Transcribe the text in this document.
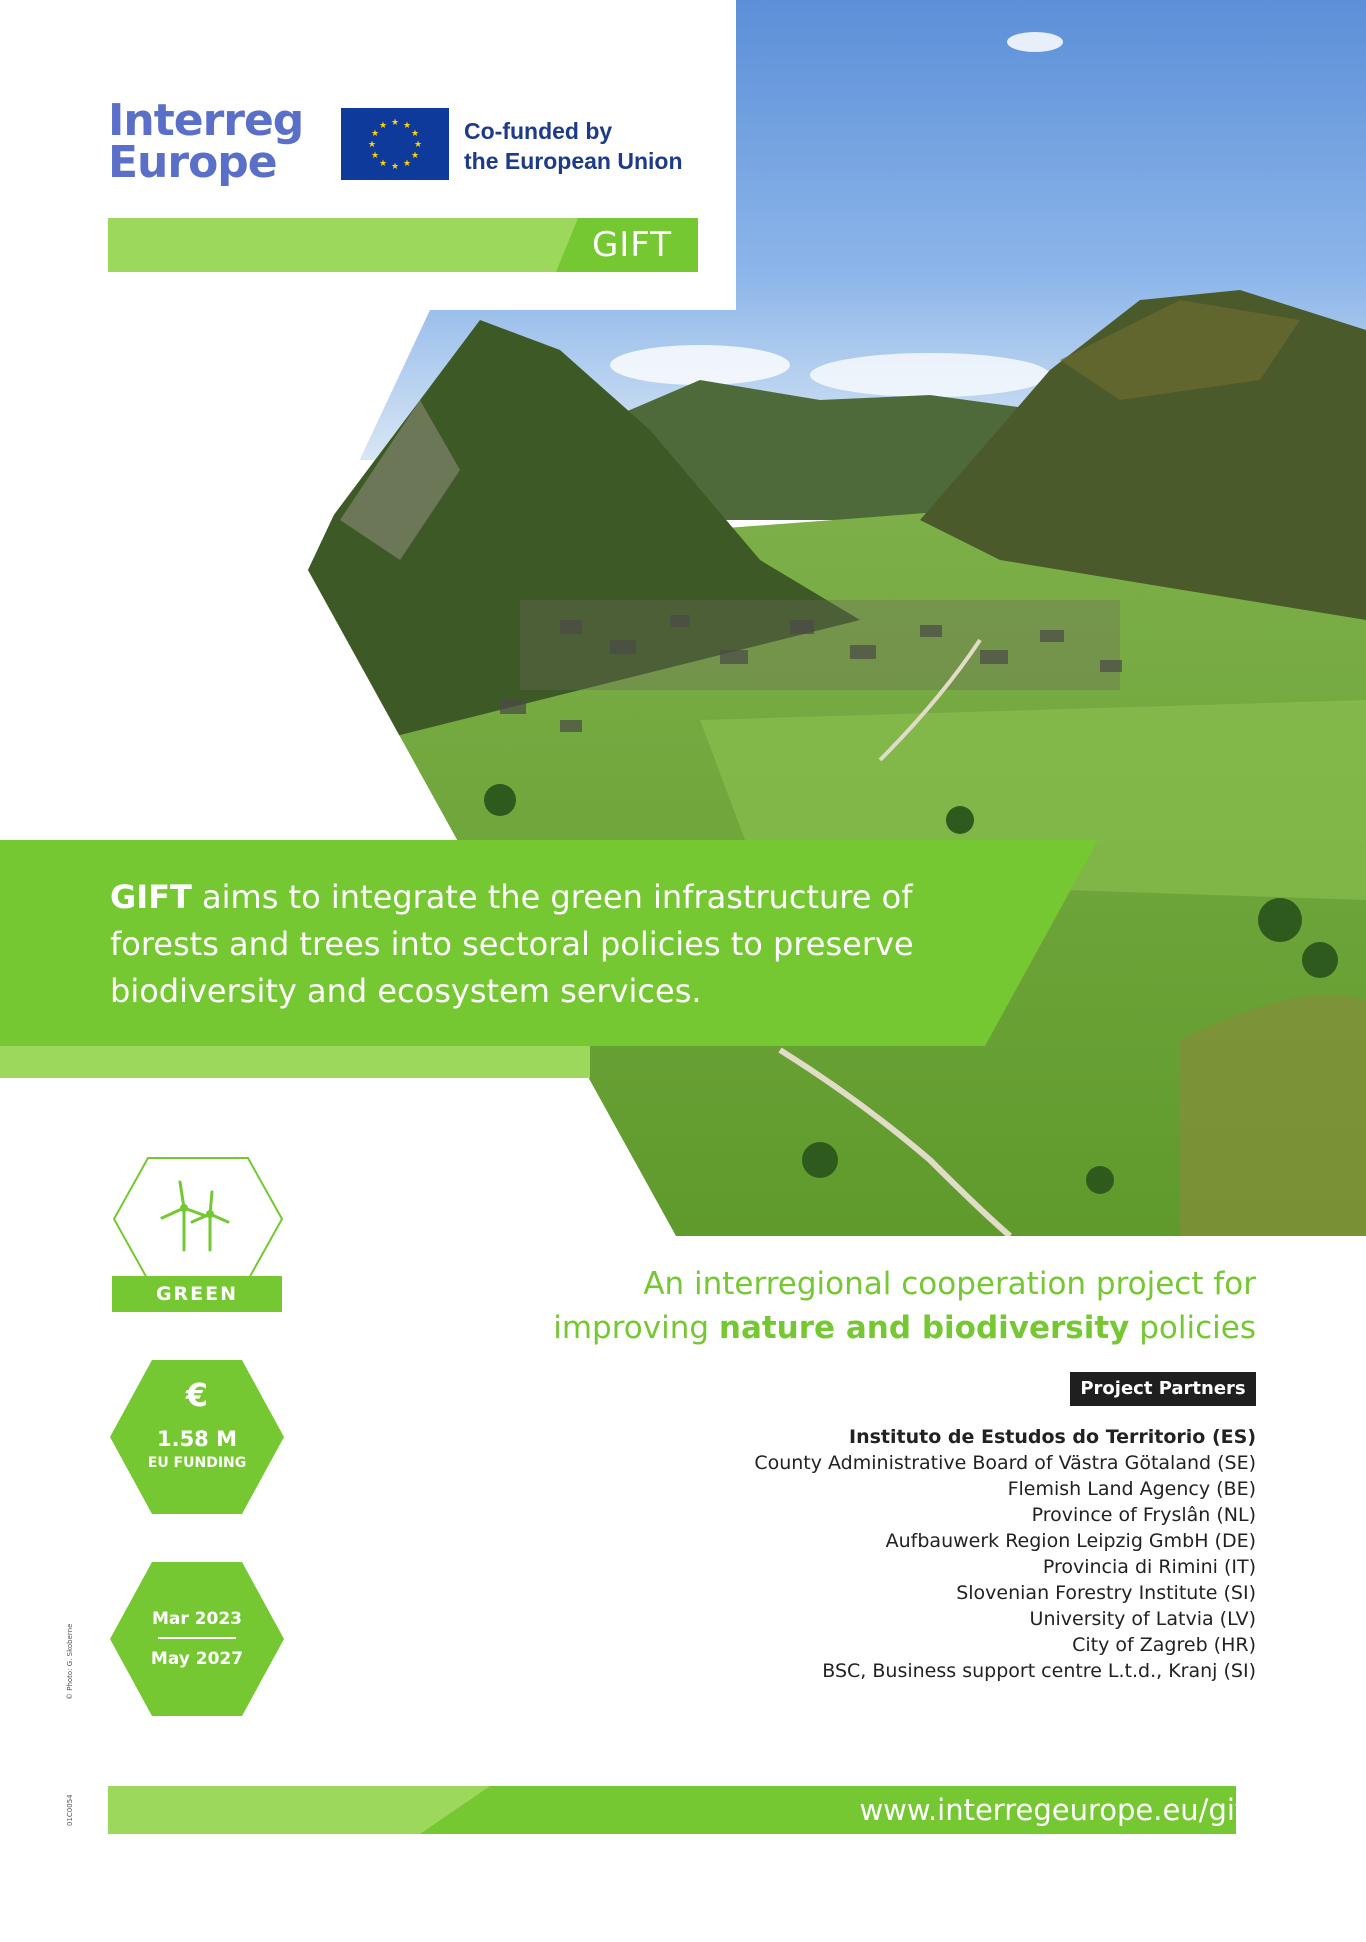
Interreg
Europe
★ ★
★
★
★
★
★
★
★
★
★
★	Co-funded by
the European Union
GIFT
GIFT aims to integrate the green infrastructure of forests and trees into sectoral policies to preserve biodiversity and ecosystem services.
GREEN
€
1.58 M
EU FUNDING
Mar 2023
May 2027
An interregional cooperation project for
improving nature and biodiversity policies
Project Partners
Instituto de Estudos do Territorio (ES)
County Administrative Board of Västra Götaland (SE)
Flemish Land Agency (BE)
Province of Fryslân (NL)
Aufbauwerk Region Leipzig GmbH (DE)
Provincia di Rimini (IT)
Slovenian Forestry Institute (SI)
University of Latvia (LV)
City of Zagreb (HR)
BSC, Business support centre L.t.d., Kranj (SI)
© Photo: G. Skoberne
01C0054	www.interregeurope.eu/gift
